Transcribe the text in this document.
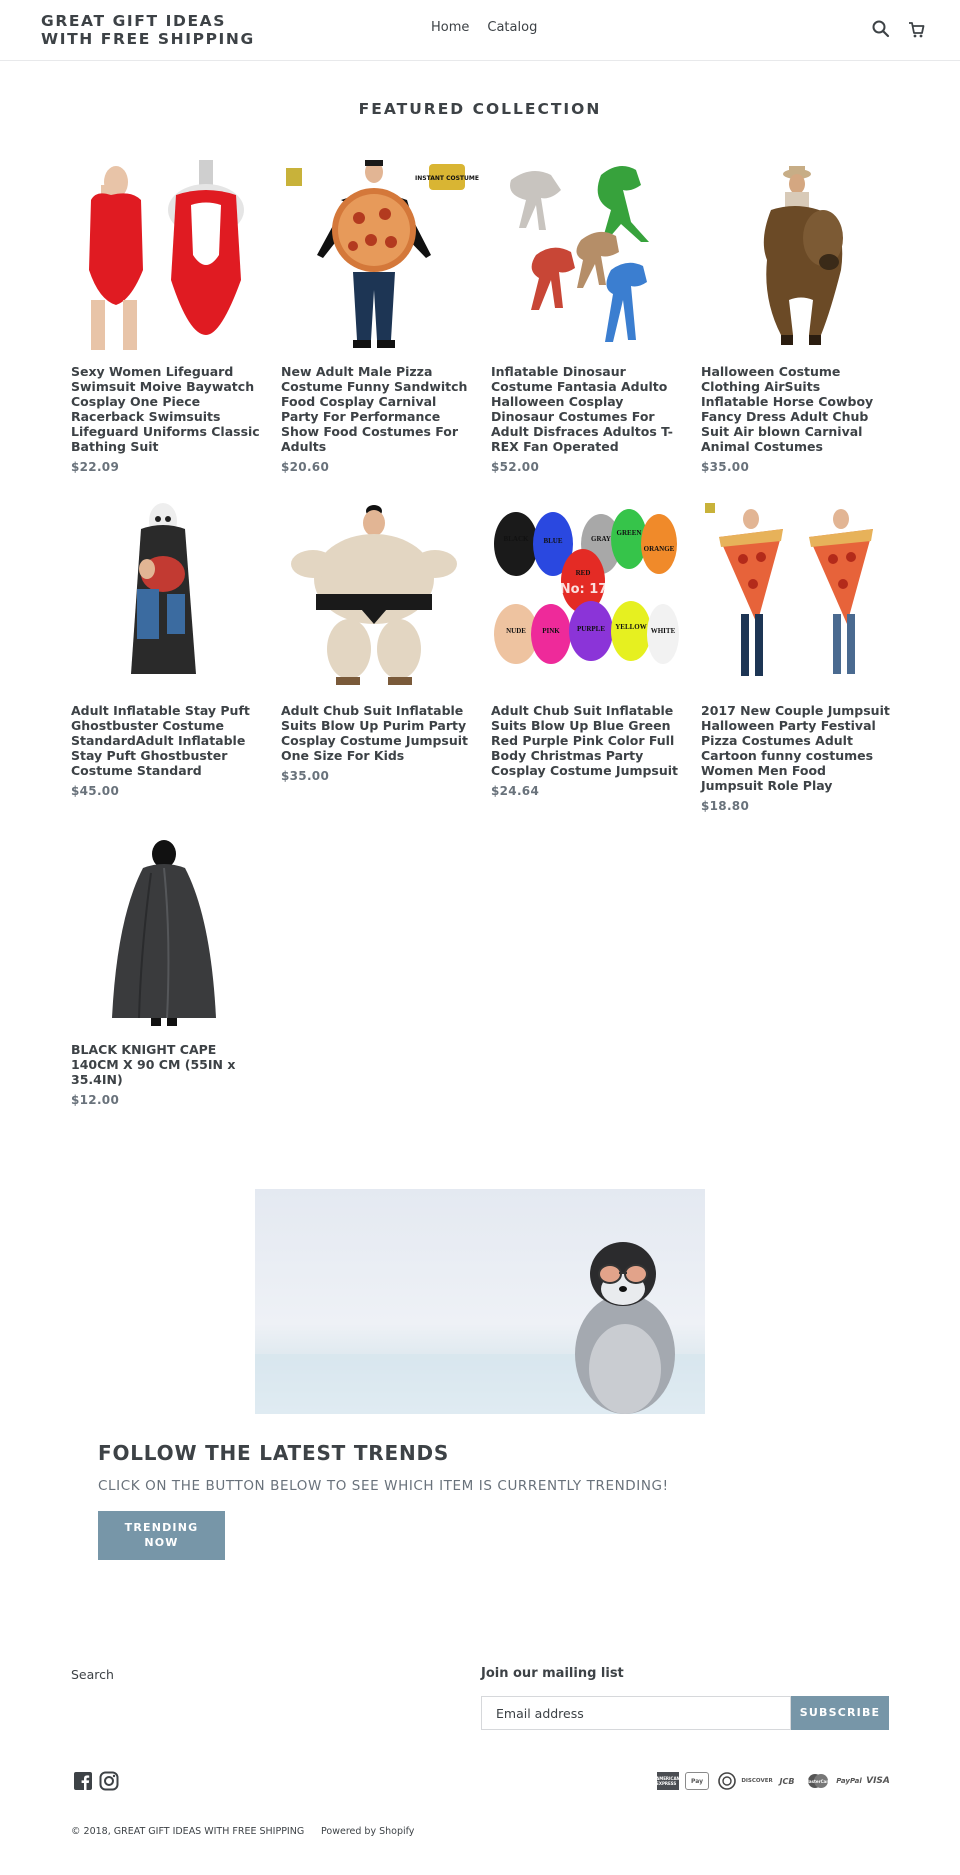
GREAT GIFT IDEAS WITH FREE SHIPPING
Home Catalog
FEATURED COLLECTION
Sexy Women Lifeguard Swimsuit Moive Baywatch Cosplay One Piece Racerback Swimsuits Lifeguard Uniforms Classic Bathing Suit
$22.09
INSTANT COSTUME
New Adult Male Pizza Costume Funny Sandwitch Food Cosplay Carnival Party For Performance Show Food Costumes For Adults
$20.60
Inflatable Dinosaur Costume Fantasia Adulto Halloween Cosplay Dinosaur Costumes For Adult Disfraces Adultos T-REX Fan Operated
$52.00
Halloween Costume Clothing AirSuits Inflatable Horse Cowboy Fancy Dress Adult Chub Suit Air blown Carnival Animal Costumes
$35.00
Adult Inflatable Stay Puft Ghostbuster Costume StandardAdult Inflatable Stay Puft Ghostbuster Costume Standard
$45.00
Adult Chub Suit Inflatable Suits Blow Up Purim Party Cosplay Costume Jumpsuit One Size For Kids
$35.00
BLACK BLUE	GRAY
GREEN
ORANGE
RED
NUDE PINK PURPLE YELLOW WHITE
Store No: 1758496
Adult Chub Suit Inflatable Suits Blow Up Blue Green Red Purple Pink Color Full Body Christmas Party Cosplay Costume Jumpsuit
$24.64
2017 New Couple Jumpsuit Halloween Party Festival Pizza Costumes Adult Cartoon funny costumes Women Men Food Jumpsuit Role Play
$18.80
BLACK KNIGHT CAPE 140CM X 90 CM (55IN x 35.4IN)
$12.00
FOLLOW THE LATEST TRENDS
CLICK ON THE BUTTON BELOW TO SEE WHICH ITEM IS CURRENTLY TRENDING!
TRENDING
NOW
Search	Join our mailing list
Email address
SUBSCRIBE
AMERICAN EXPRESS	Pay	DISCOVER JCB	MasterCard PayPal VISA
© 2018, GREAT GIFT IDEAS WITH FREE SHIPPING Powered by Shopify
